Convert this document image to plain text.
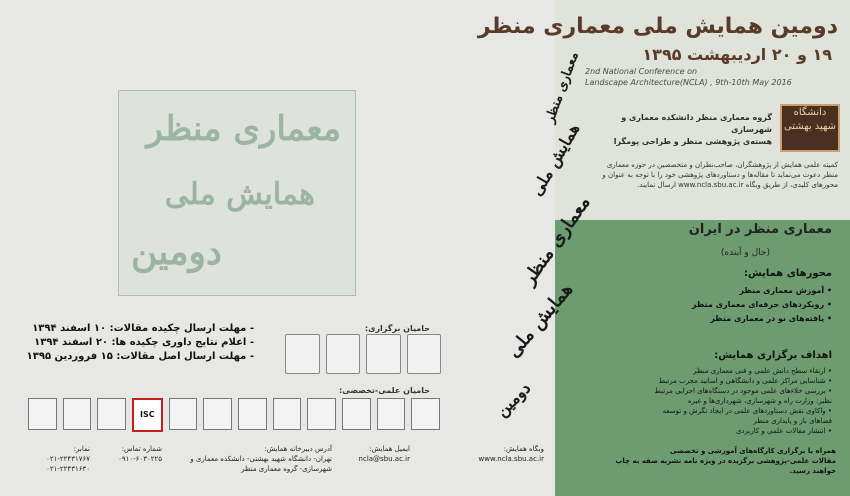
دومین همایش ملی معماری منظر
۱۹ و ۲۰ اردیبهشت ۱۳۹۵
2nd National Conference on
Landscape Architecture(NCLA) , 9th-10th May 2016
دانشگاه شهید بهشتی
گروه معماری منظر دانشکده معماری و شهرسازی
هسته‌ی پژوهشی منظر و طراحی پومگرا
کمیته علمی همایش از پژوهشگران، صاحب‌نظران و متخصصین در حوزه معماری منظر دعوت می‌نماید تا مقاله‌ها و دستاوردهای پژوهشی خود را با توجه به عنوان و محورهای کلیدی، از طریق وبگاه www.ncla.sbu.ac.ir ارسال نمایند.
معماری منظر در ایران
(حال و آینده)
محورهای همایش:
• آموزش معماری منظر
• رویکردهای حرفه‌ای معماری منظر
• یافته‌های نو در معماری منظر
اهداف برگزاری همایش:
• ارتقاء سطح دانش علمی و فنی معماری منظر
• شناسایی مراکز علمی و دانشگاهی و اساتید مجرب مرتبط
• بررسی خلاءهای علمی موجود در دستگاه‌های اجرایی مرتبط نظیر: وزارت راه و شهرسازی، شهرداری‌ها و غیره
• واکاوی نقش دستاوردهای علمی در ایجاد نگرش و توسعه فضاهای باز و پایداری منظر
• انتشار مقالات علمی و کاربردی
همراه با برگزاری کارگاه‌های آموزشی و تخصصی
مقالات علمی-پژوهشی برگزیده در ویژه نامه نشریه صفه به چاپ خواهند رسید.
معماری منظر
همایش ملی
دومین
معماری منظر
همایش ملی
معماری منظر
همایش ملی
دومین
حامیان برگزاری:
حامیان علمی-تخصصی:
ISC
- مهلت ارسال چکیده مقالات: ۱۰ اسفند ۱۳۹۴
- اعلام نتایج داوری چکیده ها: ۲۰ اسفند ۱۳۹۴
- مهلت ارسال اصل مقالات: ۱۵ فروردین ۱۳۹۵
وبگاه همایش:
www.ncla.sbu.ac.ir
ایمیل همایش:
ncla@sbu.ac.ir
آدرس دبیرخانه همایش:
تهران- دانشگاه شهید بهشتی- دانشکده معماری و شهرسازی- گروه معماری منظر
شماره تماس:
۰۹۱۰-۶۰۳۰۲۲۵
نمابر:
۰۲۱-۲۲۴۳۱۷۶۷
۰۲۱-۲۲۴۳۱۶۳۰
